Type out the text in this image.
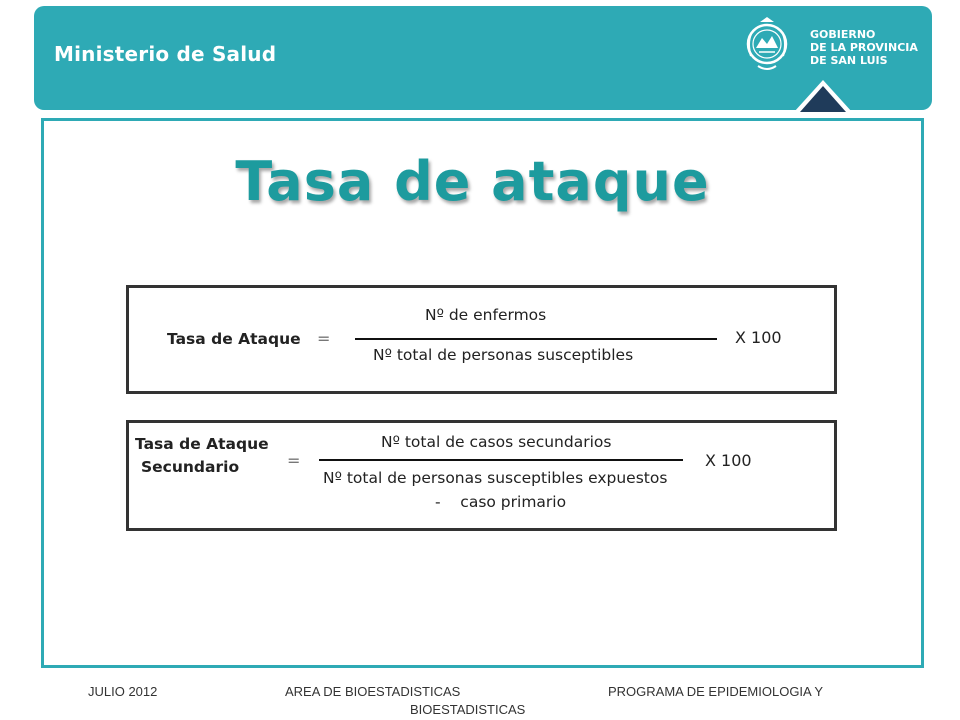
Ministerio de Salud
GOBIERNO
DE LA PROVINCIA
DE SAN LUIS
Tasa de ataque
Tasa de Ataque =
Nº de enfermos
Nº total de personas susceptibles
X 100
Tasa de Ataque
Secundario	=
Nº total de casos secundarios
Nº total de personas susceptibles expuestos
-    caso primario
X 100
JULIO 2012	AREA DE BIOESTADISTICAS
BIOESTADISTICAS
PROGRAMA DE EPIDEMIOLOGIA Y
